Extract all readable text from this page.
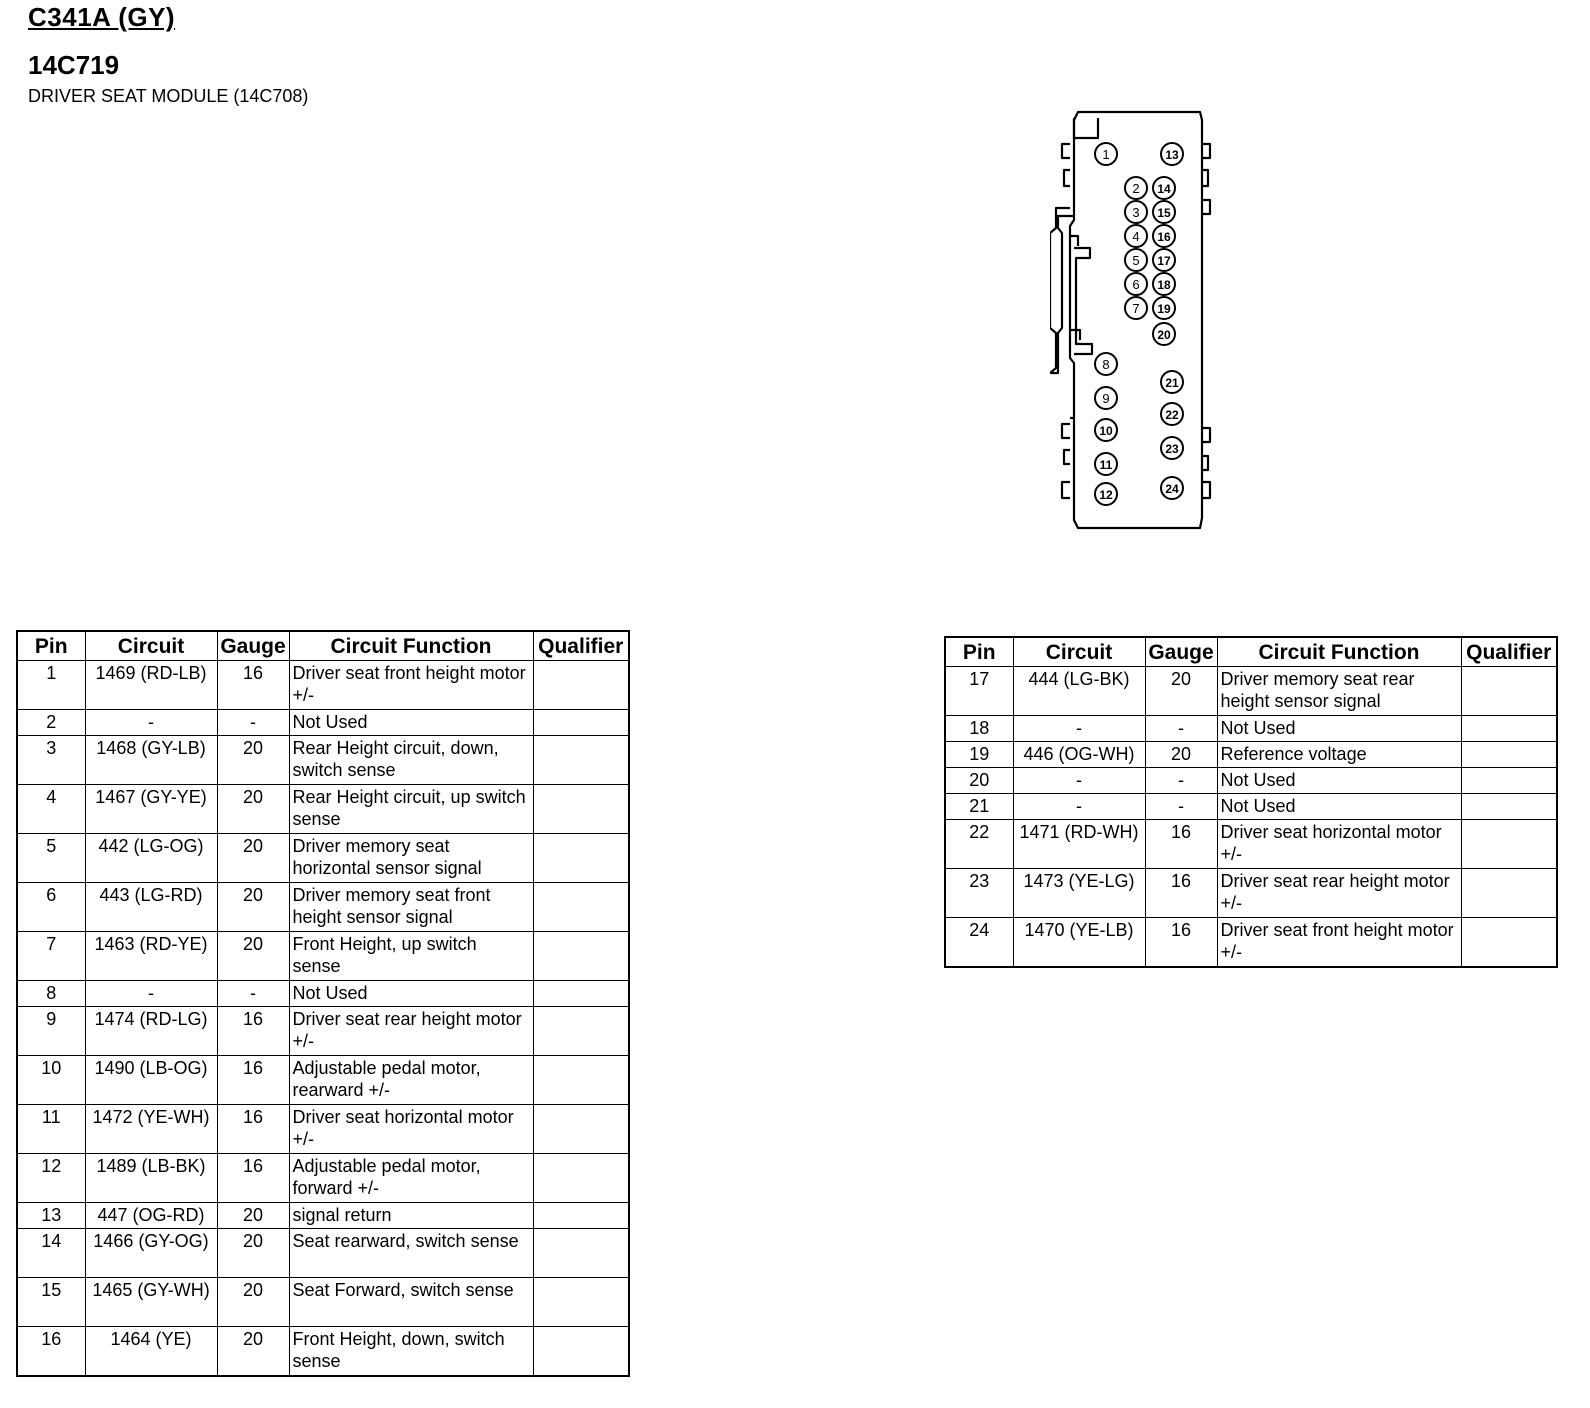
C341A (GY)
14C719
DRIVER SEAT MODULE (14C708)
1
2
3
4
5
6
7
8
9
10
11
12
13
14
15
16
17
18
19
20
21
22
23
24
Pin	Circuit	Gauge	Circuit Function	Qualifier
1	1469 (RD-LB)	16	Driver seat front height motor +/-	
2	-	-	Not Used	
3	1468 (GY-LB)	20	Rear Height circuit, down, switch sense	
4	1467 (GY-YE)	20	Rear Height circuit, up switch sense	
5	442 (LG-OG)	20	Driver memory seat horizontal sensor signal	
6	443 (LG-RD)	20	Driver memory seat front height sensor signal	
7	1463 (RD-YE)	20	Front Height, up switch sense	
8	-	-	Not Used	
9	1474 (RD-LG)	16	Driver seat rear height motor +/-	
10	1490 (LB-OG)	16	Adjustable pedal motor, rearward +/-	
11	1472 (YE-WH)	16	Driver seat horizontal motor +/-	
12	1489 (LB-BK)	16	Adjustable pedal motor, forward +/-	
13	447 (OG-RD)	20	signal return	
14	1466 (GY-OG)	20	Seat rearward, switch sense	
15	1465 (GY-WH)	20	Seat Forward, switch sense	
16	1464 (YE)	20	Front Height, down, switch sense	
Pin	Circuit	Gauge	Circuit Function	Qualifier
17	444 (LG-BK)	20	Driver memory seat rear height sensor signal	
18	-	-	Not Used	
19	446 (OG-WH)	20	Reference voltage	
20	-	-	Not Used	
21	-	-	Not Used	
22	1471 (RD-WH)	16	Driver seat horizontal motor +/-	
23	1473 (YE-LG)	16	Driver seat rear height motor +/-	
24	1470 (YE-LB)	16	Driver seat front height motor +/-	
